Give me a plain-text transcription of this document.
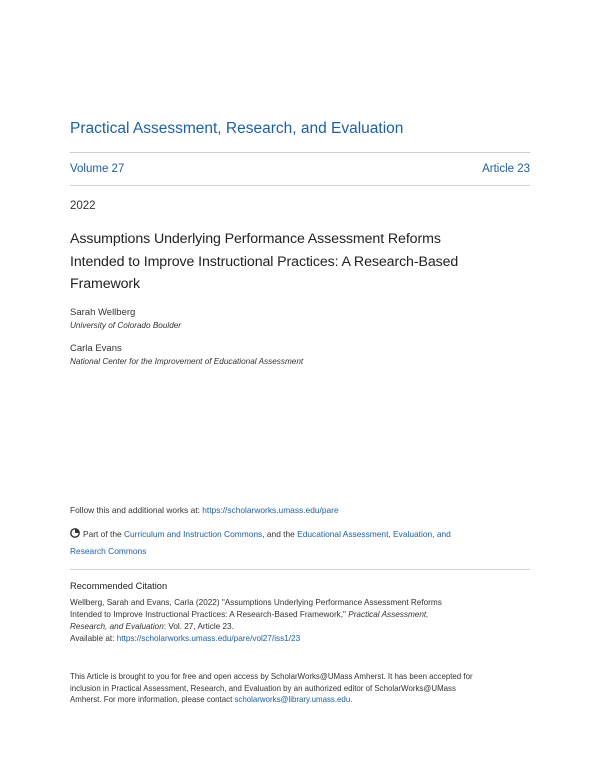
Practical Assessment, Research, and Evaluation
Volume 27	Article 23
2022
Assumptions Underlying Performance Assessment Reforms
Intended to Improve Instructional Practices: A Research-Based
Framework
Sarah Wellberg
University of Colorado Boulder
Carla Evans
National Center for the Improvement of Educational Assessment
Follow this and additional works at: https://scholarworks.umass.edu/pare
Part of the Curriculum and Instruction Commons, and the Educational Assessment, Evaluation, and
Research Commons
Recommended Citation
Wellberg, Sarah and Evans, Carla (2022) "Assumptions Underlying Performance Assessment Reforms
Intended to Improve Instructional Practices: A Research-Based Framework," Practical Assessment,
Research, and Evaluation: Vol. 27, Article 23.
Available at: https://scholarworks.umass.edu/pare/vol27/iss1/23
This Article is brought to you for free and open access by ScholarWorks@UMass Amherst. It has been accepted for
inclusion in Practical Assessment, Research, and Evaluation by an authorized editor of ScholarWorks@UMass
Amherst. For more information, please contact scholarworks@library.umass.edu.
